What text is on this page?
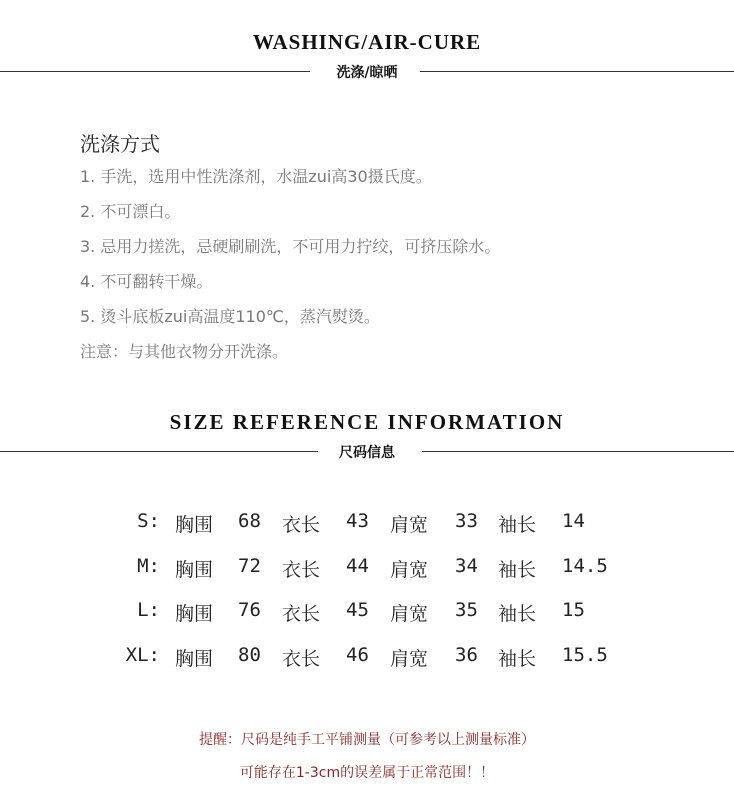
WASHING/AIR-CURE
洗涤/晾晒
洗涤方式
1. 手洗，选用中性洗涤剂，水温zui高30摄氏度。
2. 不可漂白。
3. 忌用力搓洗，忌硬刷刷洗，不可用力拧绞，可挤压除水。
4. 不可翻转干燥。
5. 烫斗底板zui高温度110℃，蒸汽熨烫。
注意：与其他衣物分开洗涤。
SIZE REFERENCE INFORMATION
尺码信息
S: 胸围 68 衣长 43 肩宽 33 袖长 14
M: 胸围 72 衣长 44 肩宽 34 袖长 14.5
L: 胸围 76 衣长 45 肩宽 35 袖长 15
XL: 胸围 80 衣长 46 肩宽 36 袖长 15.5
提醒：尺码是纯手工平铺测量（可参考以上测量标准）
可能存在1-3cm的误差属于正常范围！！
